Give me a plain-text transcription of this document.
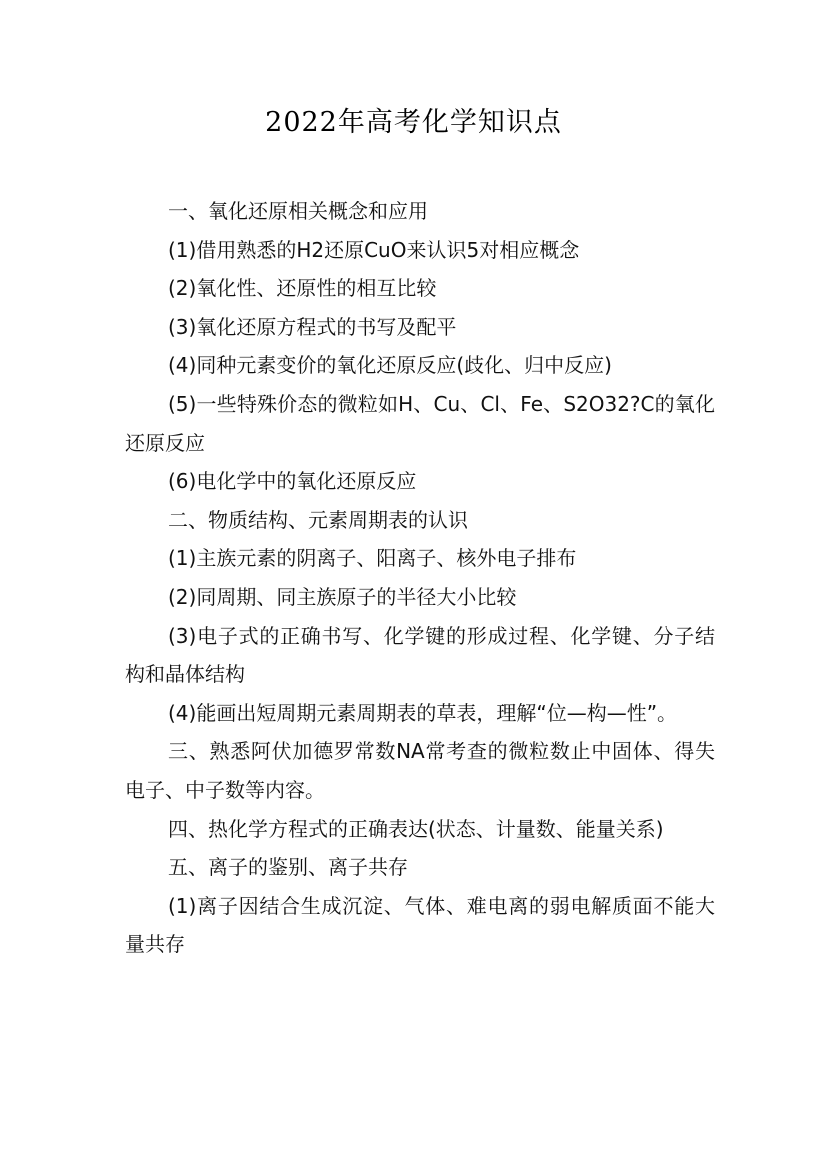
2022年高考化学知识点

一、氧化还原相关概念和应用

(1)借用熟悉的H2还原CuO来认识5对相应概念

(2)氧化性、还原性的相互比较

(3)氧化还原方程式的书写及配平

(4)同种元素变价的氧化还原反应(歧化、归中反应)

(5)一些特殊价态的微粒如H、Cu、Cl、Fe、S2O32?C的氧化还原反应

(6)电化学中的氧化还原反应

二、物质结构、元素周期表的认识

(1)主族元素的阴离子、阳离子、核外电子排布

(2)同周期、同主族原子的半径大小比较

(3)电子式的正确书写、化学键的形成过程、化学键、分子结构和晶体结构

(4)能画出短周期元素周期表的草表，理解“位—构—性”。

三、熟悉阿伏加德罗常数NA常考查的微粒数止中固体、得失电子、中子数等内容。

四、热化学方程式的正确表达(状态、计量数、能量关系)

五、离子的鉴别、离子共存

(1)离子因结合生成沉淀、气体、难电离的弱电解质面不能大量共存
